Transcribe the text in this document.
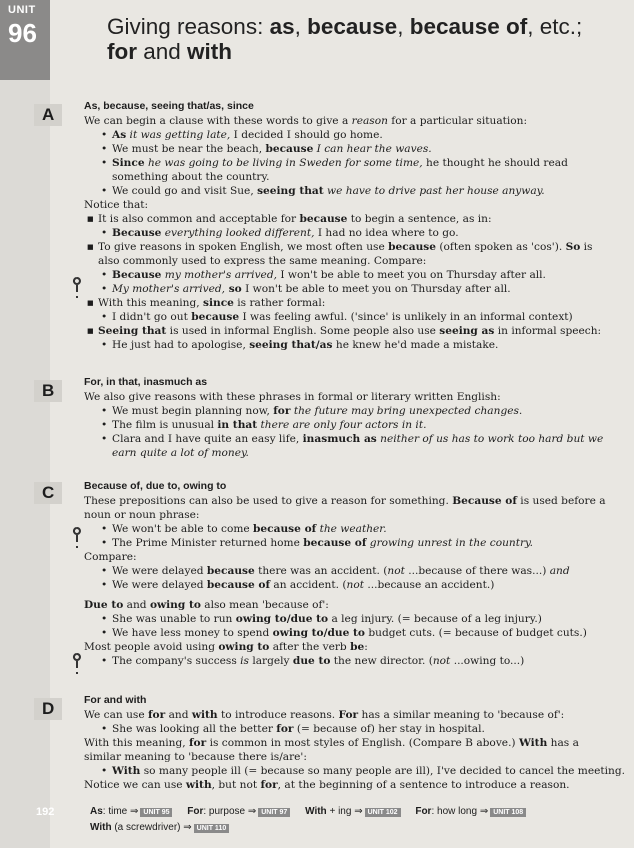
UNIT
96	Giving reasons: as, because, because of, etc.;
for and with
A	As, because, seeing that/as, since
We can begin a clause with these words to give a reason for a particular situation:
• As it was getting late, I decided I should go home.
• We must be near the beach, because I can hear the waves.
• Since he was going to be living in Sweden for some time, he thought he should read
something about the country.
• We could go and visit Sue, seeing that we have to drive past her house anyway.
Notice that:
■ It is also common and acceptable for because to begin a sentence, as in:
• Because everything looked different, I had no idea where to go.
■ To give reasons in spoken English, we most often use because (often spoken as 'cos'). So is
also commonly used to express the same meaning. Compare:
• Because my mother's arrived, I won't be able to meet you on Thursday after all.
• My mother's arrived, so I won't be able to meet you on Thursday after all.
■ With this meaning, since is rather formal:
• I didn't go out because I was feeling awful. ('since' is unlikely in an informal context)
■ Seeing that is used in informal English. Some people also use seeing as in informal speech:
• He just had to apologise, seeing that/as he knew he'd made a mistake.
B	For, in that, inasmuch as
We also give reasons with these phrases in formal or literary written English:
• We must begin planning now, for the future may bring unexpected changes.
• The film is unusual in that there are only four actors in it.
• Clara and I have quite an easy life, inasmuch as neither of us has to work too hard but we
earn quite a lot of money.
C	Because of, due to, owing to
These prepositions can also be used to give a reason for something. Because of is used before a
noun or noun phrase:
• We won't be able to come because of the weather.
• The Prime Minister returned home because of growing unrest in the country.
Compare:
• We were delayed because there was an accident. (not ...because of there was...) and
• We were delayed because of an accident. (not ...because an accident.)
Due to and owing to also mean 'because of':
• She was unable to run owing to/due to a leg injury. (= because of a leg injury.)
• We have less money to spend owing to/due to budget cuts. (= because of budget cuts.)
Most people avoid using owing to after the verb be:
• The company's success is largely due to the new director. (not ...owing to...)
D	For and with
We can use for and with to introduce reasons. For has a similar meaning to 'because of':
• She was looking all the better for (= because of) her stay in hospital.
With this meaning, for is common in most styles of English. (Compare B above.) With has a
similar meaning to 'because there is/are':
• With so many people ill (= because so many people are ill), I've decided to cancel the meeting.
Notice we can use with, but not for, at the beginning of a sentence to introduce a reason.
192	As: time ⇒ UNIT 95 For: purpose ⇒ UNIT 97 With + ing ⇒ UNIT 102 For: how long ⇒ UNIT 108
With (a screwdriver) ⇒ UNIT 110
